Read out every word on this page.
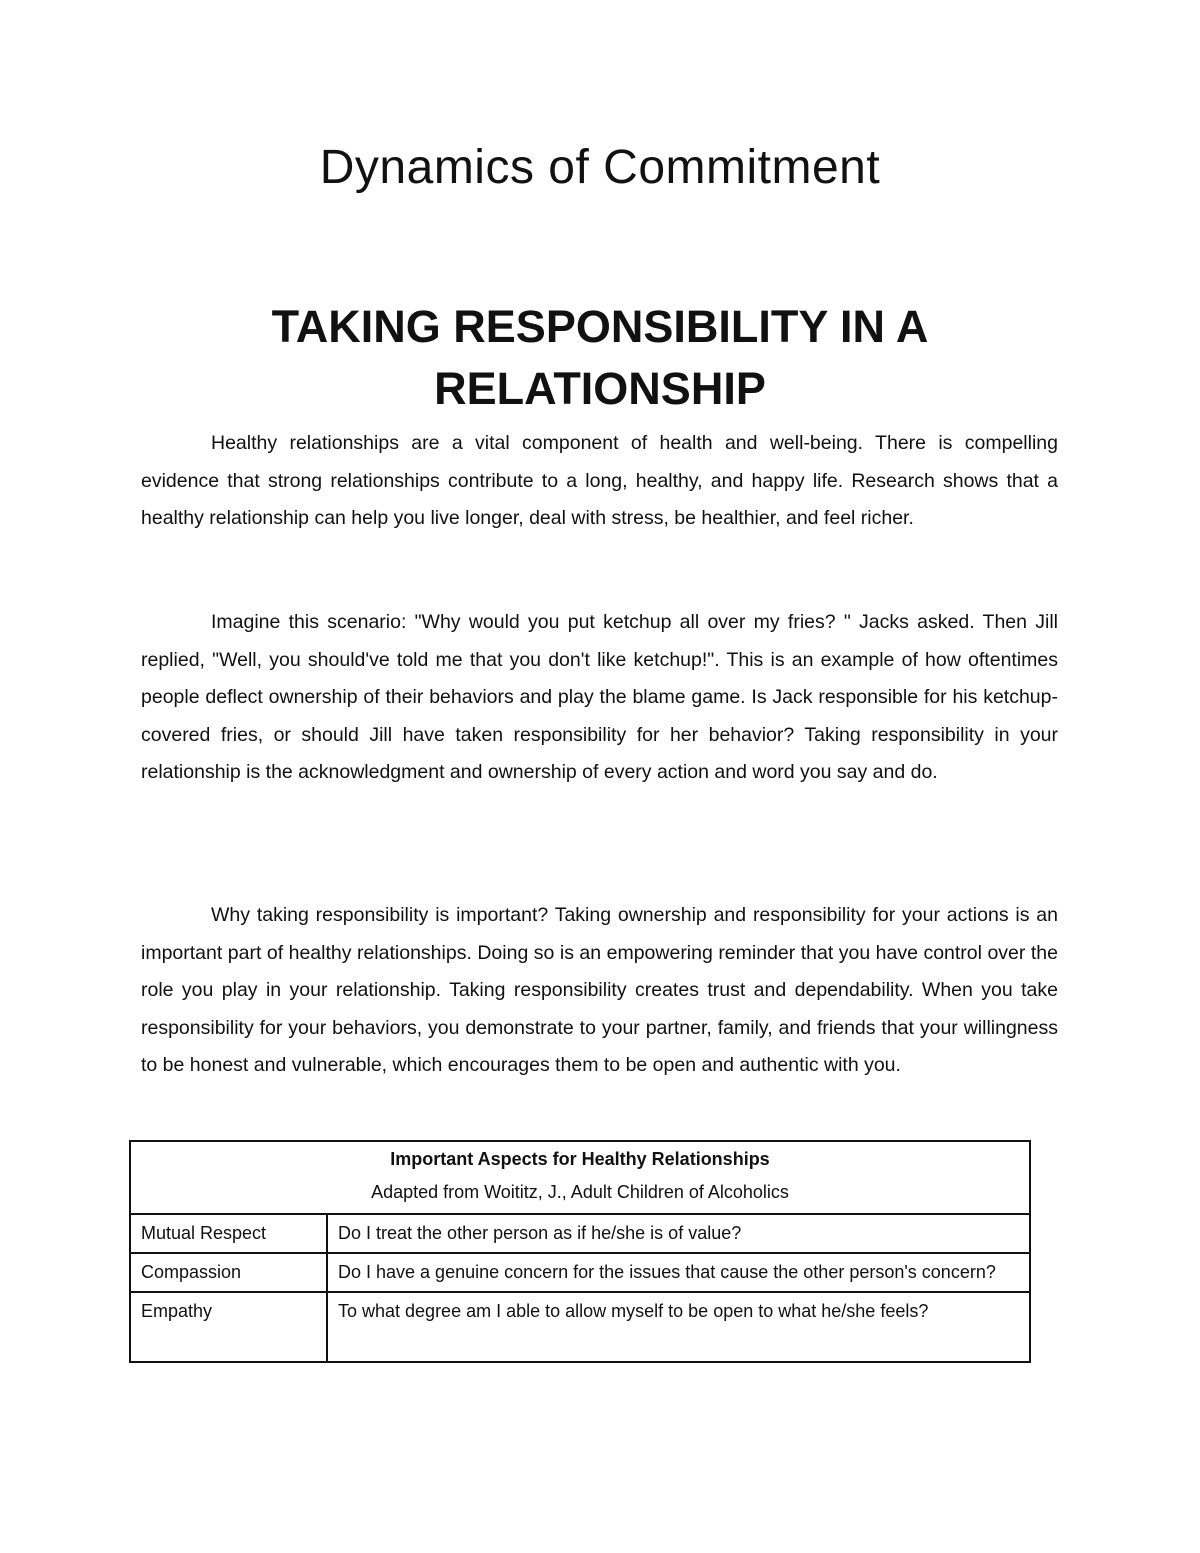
Dynamics of Commitment
TAKING RESPONSIBILITY IN A RELATIONSHIP

Healthy relationships are a vital component of health and well-being. There is compelling evidence that strong relationships contribute to a long, healthy, and happy life. Research shows that a healthy relationship can help you live longer, deal with stress, be healthier, and feel richer.

Imagine this scenario: "Why would you put ketchup all over my fries? " Jacks asked. Then Jill replied, "Well, you should've told me that you don't like ketchup!". This is an example of how oftentimes people deflect ownership of their behaviors and play the blame game. Is Jack responsible for his ketchup-covered fries, or should Jill have taken responsibility for her behavior? Taking responsibility in your relationship is the acknowledgment and ownership of every action and word you say and do.

Why taking responsibility is important? Taking ownership and responsibility for your actions is an important part of healthy relationships. Doing so is an empowering reminder that you have control over the role you play in your relationship. Taking responsibility creates trust and dependability. When you take responsibility for your behaviors, you demonstrate to your partner, family, and friends that your willingness to be honest and vulnerable, which encourages them to be open and authentic with you.

Important Aspects for Healthy Relationships
Adapted from Woititz, J., Adult Children of Alcoholics	

Mutual Respect	Do I treat the other person as if he/she is of value?
Compassion	Do I have a genuine concern for the issues that cause the other person's concern?
Empathy	To what degree am I able to allow myself to be open to what he/she feels?
